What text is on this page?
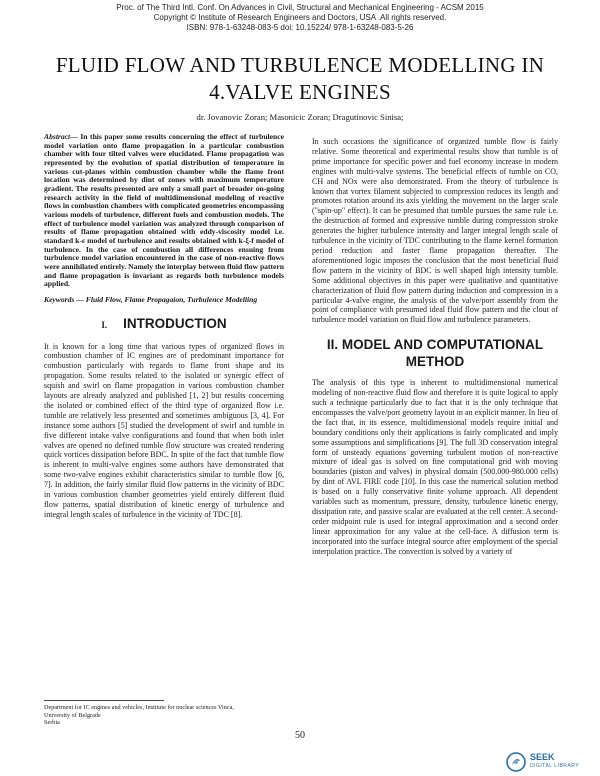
Proc. of The Third Intl. Conf. On Advances in Civil, Structural and Mechanical Engineering - ACSM 2015
Copyright © Institute of Research Engineers and Doctors, USA .All rights reserved.
ISBN: 978-1-63248-083-5 doi: 10.15224/ 978-1-63248-083-5-26
FLUID FLOW AND TURBULENCE MODELLING IN 4.VALVE ENGINES
dr. Jovanovic Zoran; Masonicic Zoran; Dragutinovic Sinisa;

Abstract— In this paper some results concerning the effect of turbulence model variation onto flame propagation in a particular combustion chamber with four tilted valves were elucidated. Flame propagation was represented by the evolution of spatial distribution of temperature in various cut-planes within combustion chamber while the flame front location was determined by dint of zones with maximum temperature gradient. The results presented are only a small part of broader on-going research activity in the field of multidimensional modeling of reactive flows in combustion chambers with complicated geometries encompassing various models of turbulence, different fuels and combustion models. The effect of turbulence model variation was analyzed through comparison of results of flame propagation obtained with eddy-viscosity model i.e. standard k-ε model of turbulence and results obtained with k-ξ-f model of turbulence. In the case of combustion all differences ensuing from turbulence model variation encountered in the case of non-reactive flows were annihilated entirely. Namely the interplay between fluid flow pattern and flame propagation is invariant as regards both turbulence models applied.

Keywords — Fluid Flow, Flame Propagaion, Turbulence Modelling

I. INTRODUCTION

It is known for a long time that various types of organized flows in combustion chamber of IC engines are of predominant importance for combustion particularly with regards to flame front shape and its propagation. Some results related to the isolated or synergic effect of squish and swirl on flame propagation in various combustion chamber layouts are already analyzed and published [1, 2] but results concerning the isolated or combined effect of the third type of organized flow i.e. tumble are relatively less presented and sometimes ambiguous [3, 4]. For instance some authors [5] studied the development of swirl and tumble in five different intake valve configurations and found that when both inlet valves are opened no defined tumble flow structure was created rendering quick vortices dissipation before BDC. In spite of the fact that tumble flow is inherent to multi-valve engines some authors have demonstrated that some two-valve engines exhibit characteristics similar to tumble flow [6, 7]. In addition, the fairly similar fluid flow patterns in the vicinity of BDC in various combustion chamber geometries yield entirely different fluid flow patterns, spatial distribution of kinetic energy of turbulence and integral length scales of turbulence in the vicinity of TDC [8].

In such occasions the significance of organized tumble flow is fairly relative. Some theoretical and experimental results show that tumble is of prime importance for specific power and fuel economy increase in modern engines with multi-valve systems. The beneficial effects of tumble on CO, CH and NOx were also demonstrated. From the theory of turbulence is known that vortex filament subjected to compression reduces its length and promotes rotation around its axis yielding the movement on the larger scale ("spin-up" effect). It can be presumed that tumble pursues the same rule i.e. the destruction of formed and expressive tumble during compression stroke generates the higher turbulence intensity and larger integral length scale of turbulence in the vicinity of TDC contributing to the flame kernel formation period reduction and faster flame propagation thereafter. The aforementioned logic imposes the conclusion that the most beneficial fluid flow pattern in the vicinity of BDC is well shaped high intensity tumble. Some additional objectives in this paper were qualitative and quantitative characterization of fluid flow pattern during induction and compression in a particular 4-valve engine, the analysis of the valve/port assembly from the point of compliance with presumed ideal fluid flow pattern and the clout of turbulence model variation on fluid flow and turbulence parameters.

II. MODEL AND COMPUTATIONAL METHOD

The analysis of this type is inherent to multidimensional numerical modeling of non-reactive fluid flow and therefore it is quite logical to apply such a technique particularly due to fact that it is the only technique that encompasses the valve/port geometry layout in an explicit manner. In lieu of the fact that, in its essence, multidimensional models require initial and boundary conditions only their applications is fairly complicated and imply some assumptions and simplifications [9]. The full 3D conservation integral form of unsteady equations governing turbulent motion of non-reactive mixture of ideal gas is solved on fine computational grid with moving boundaries (piston and valves) in physical domain (500.000-980.000 cells) by dint of AVL FIRE code [10]. In this case the numerical solution method is based on a fully conservative finite volume approach. All dependent variables such as momentum, pressure, density, turbulence kinetic energy, dissipation rate, and passive scalar are evaluated at the cell center. A second-order midpoint rule is used for integral approximation and a second order linear approximation for any value at the cell-face. A diffusion term is incorporated into the surface integral source after employment of the special interpolation practice. The convection is solved by a variety of

Department for IC engines and vehicles, Institute for nuclear sciences Vinca,
University of Belgrade
Serbia
50
SEEK
DIGITAL LIBRARY
